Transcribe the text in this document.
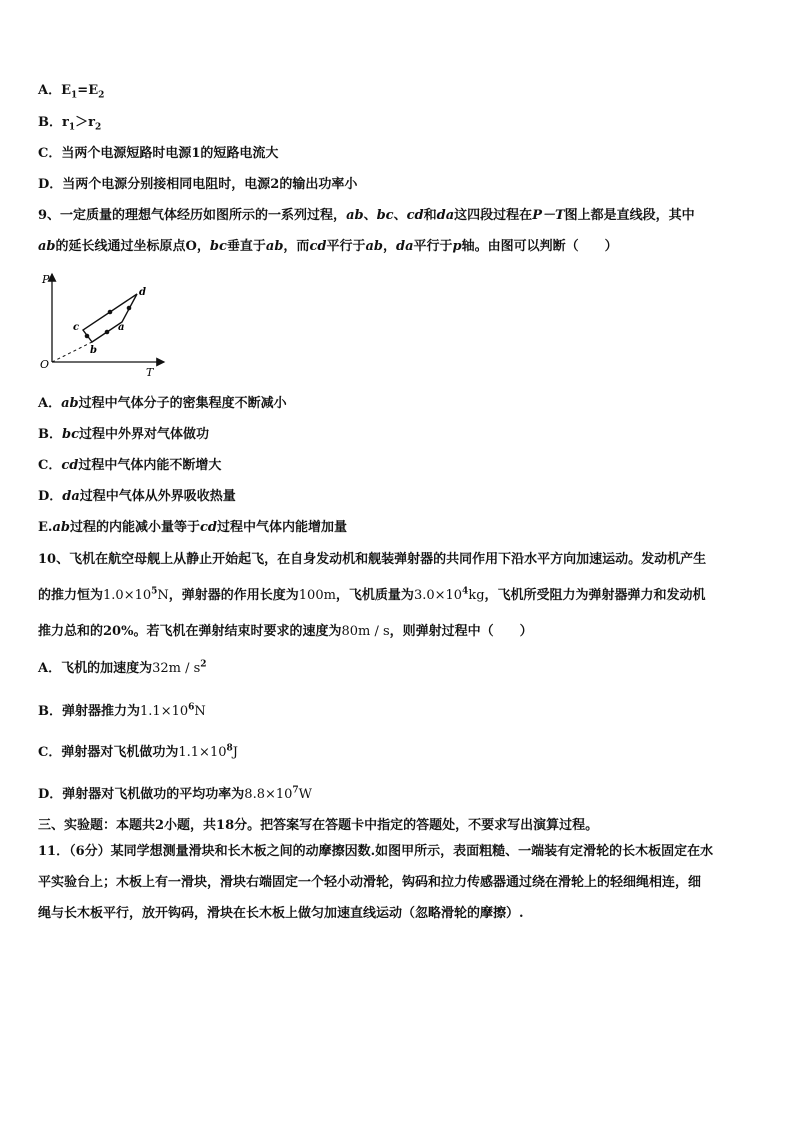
A．$E_1=E_2$
B．$r_1>r_2$
C．当两个电源短路时电源1的短路电流大
D．当两个电源分别接相同电阻时，电源2的输出功率小
9、一定质量的理想气体经历如图所示的一系列过程，ab、bc、cd和da这四段过程在P－T图上都是直线段，其中
ab的延长线通过坐标原点O，bc垂直于ab，而cd平行于ab，da平行于p轴。由图可以判断（　　）
P
T
O
a
b
c
d
A．ab过程中气体分子的密集程度不断减小
B．bc过程中外界对气体做功
C．cd过程中气体内能不断增大
D．da过程中气体从外界吸收热量
E.ab过程的内能减小量等于cd过程中气体内能增加量
10、飞机在航空母舰上从静止开始起飞，在自身发动机和舰装弹射器的共同作用下沿水平方向加速运动。发动机产生
的推力恒为$1.0\times 10^5N$，弹射器的作用长度为100m，飞机质量为$3.0\times 10^4kg$，飞机所受阻力为弹射器弹力和发动机
推力总和的20%。若飞机在弹射结束时要求的速度为80m / s，则弹射过程中（　　）
A．飞机的加速度为$32m / s^2$
B．弹射器推力为$1.1\times 10^6N$
C．弹射器对飞机做功为$1.1\times 10^8J$
D．弹射器对飞机做功的平均功率为$8.8\times 10^7W$
三、实验题：本题共2小题，共18分。把答案写在答题卡中指定的答题处，不要求写出演算过程。
11．（6分）某同学想测量滑块和长木板之间的动摩擦因数.如图甲所示，表面粗糙、一端装有定滑轮的长木板固定在水
平实验台上；木板上有一滑块，滑块右端固定一个轻小动滑轮，钩码和拉力传感器通过绕在滑轮上的轻细绳相连，细
绳与长木板平行，放开钩码，滑块在长木板上做匀加速直线运动（忽略滑轮的摩擦）.
